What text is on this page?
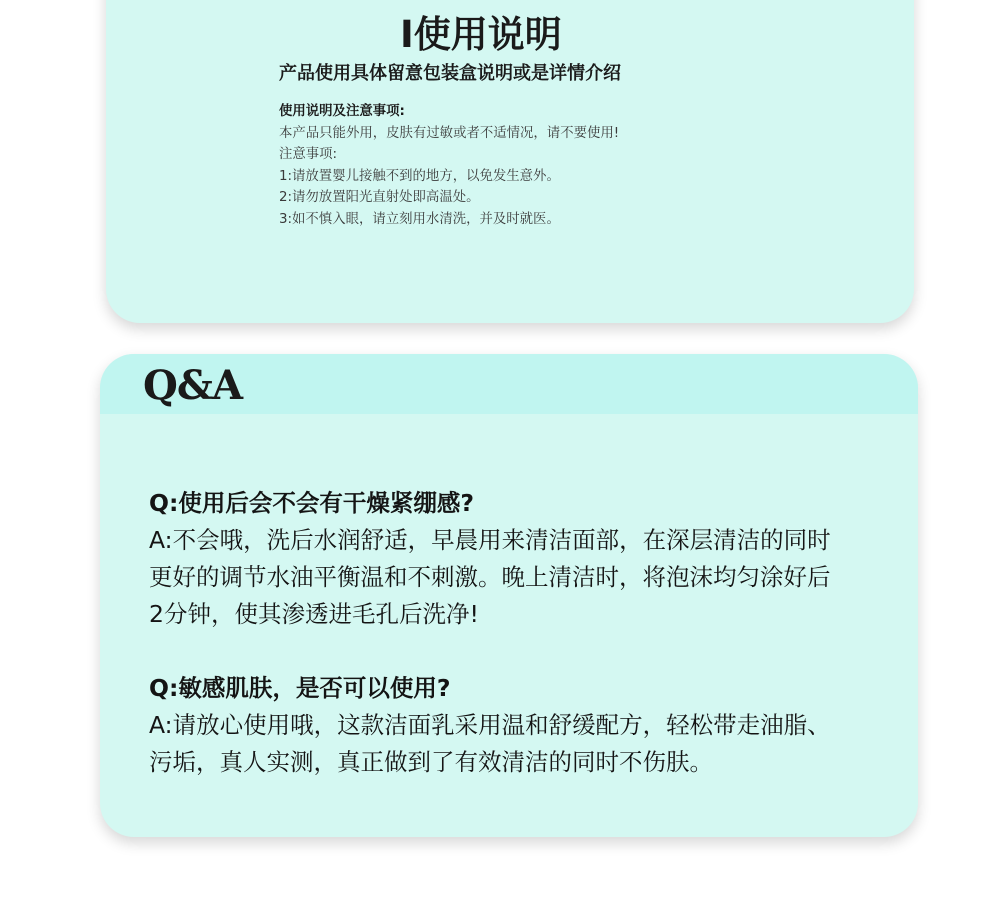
I使用说明
产品使用具体留意包装盒说明或是详情介绍
使用说明及注意事项:
本产品只能外用，皮肤有过敏或者不适情况，请不要使用!
注意事项:
1:请放置婴儿接触不到的地方，以免发生意外。
2:请勿放置阳光直射处即高温处。
3:如不慎入眼，请立刻用水清洗，并及时就医。
Q&A
Q:使用后会不会有干燥紧绷感?
A:不会哦，洗后水润舒适，早晨用来清洁面部，在深层清洁的同时
更好的调节水油平衡温和不刺激。晚上清洁时，将泡沫均匀涂好后
2分钟，使其渗透进毛孔后洗净!
Q:敏感肌肤，是否可以使用?
A:请放心使用哦，这款洁面乳采用温和舒缓配方，轻松带走油脂、
污垢，真人实测，真正做到了有效清洁的同时不伤肤。
